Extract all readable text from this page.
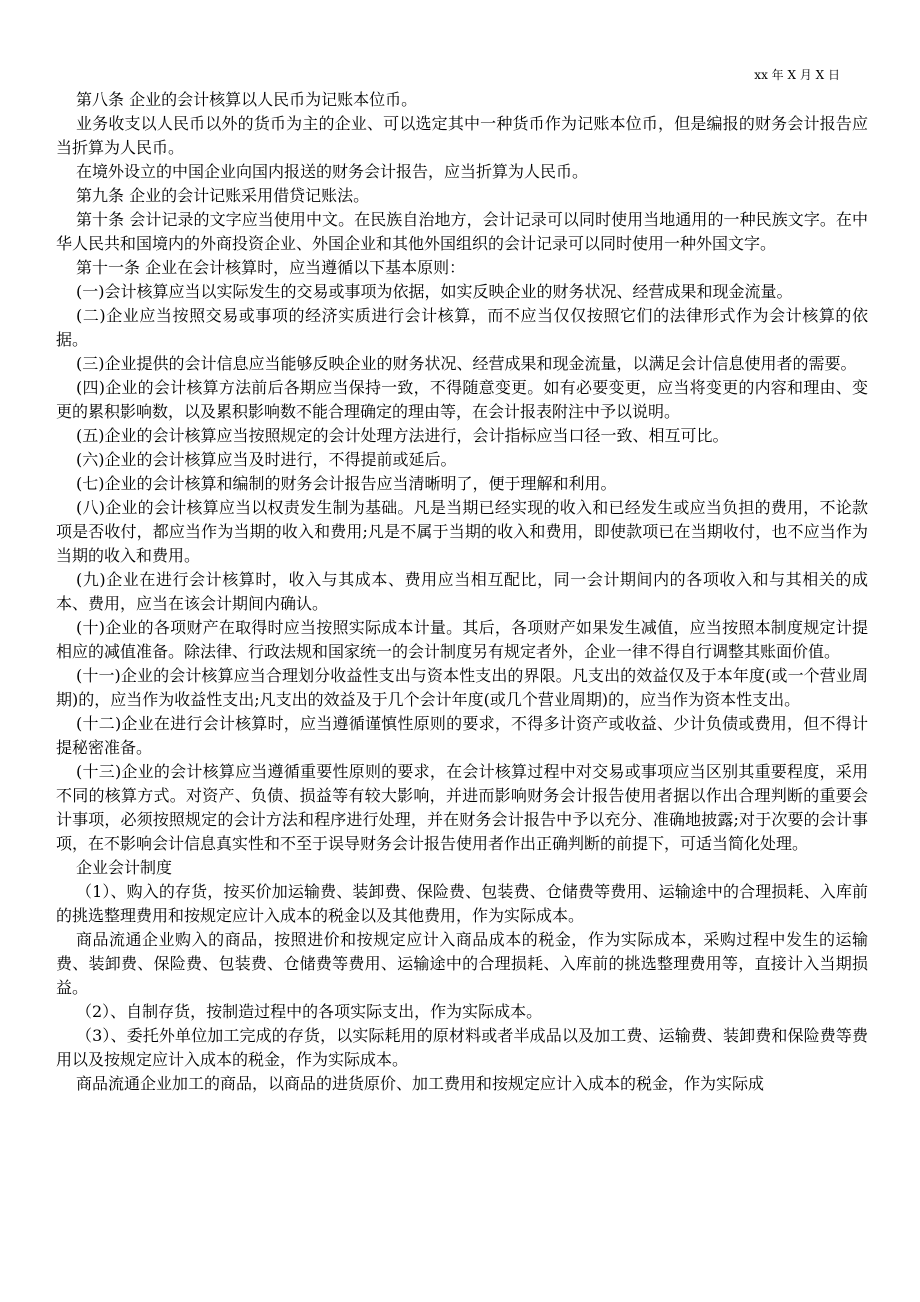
xx 年 X 月 X 日

第八条 企业的会计核算以人民币为记账本位币。

业务收支以人民币以外的货币为主的企业、可以选定其中一种货币作为记账本位币，但是编报的财务会计报告应当折算为人民币。

在境外设立的中国企业向国内报送的财务会计报告，应当折算为人民币。

第九条 企业的会计记账采用借贷记账法。

第十条 会计记录的文字应当使用中文。在民族自治地方，会计记录可以同时使用当地通用的一种民族文字。在中华人民共和国境内的外商投资企业、外国企业和其他外国组织的会计记录可以同时使用一种外国文字。

第十一条 企业在会计核算时，应当遵循以下基本原则：

(一)会计核算应当以实际发生的交易或事项为依据，如实反映企业的财务状况、经营成果和现金流量。

(二)企业应当按照交易或事项的经济实质进行会计核算，而不应当仅仅按照它们的法律形式作为会计核算的依据。

(三)企业提供的会计信息应当能够反映企业的财务状况、经营成果和现金流量，以满足会计信息使用者的需要。

(四)企业的会计核算方法前后各期应当保持一致，不得随意变更。如有必要变更，应当将变更的内容和理由、变更的累积影响数，以及累积影响数不能合理确定的理由等，在会计报表附注中予以说明。

(五)企业的会计核算应当按照规定的会计处理方法进行，会计指标应当口径一致、相互可比。

(六)企业的会计核算应当及时进行，不得提前或延后。

(七)企业的会计核算和编制的财务会计报告应当清晰明了，便于理解和利用。

(八)企业的会计核算应当以权责发生制为基础。凡是当期已经实现的收入和已经发生或应当负担的费用，不论款项是否收付，都应当作为当期的收入和费用;凡是不属于当期的收入和费用，即使款项已在当期收付，也不应当作为当期的收入和费用。

(九)企业在进行会计核算时，收入与其成本、费用应当相互配比，同一会计期间内的各项收入和与其相关的成本、费用，应当在该会计期间内确认。

(十)企业的各项财产在取得时应当按照实际成本计量。其后，各项财产如果发生减值，应当按照本制度规定计提相应的减值准备。除法律、行政法规和国家统一的会计制度另有规定者外，企业一律不得自行调整其账面价值。

(十一)企业的会计核算应当合理划分收益性支出与资本性支出的界限。凡支出的效益仅及于本年度(或一个营业周期)的，应当作为收益性支出;凡支出的效益及于几个会计年度(或几个营业周期)的，应当作为资本性支出。

(十二)企业在进行会计核算时，应当遵循谨慎性原则的要求，不得多计资产或收益、少计负债或费用，但不得计提秘密准备。

(十三)企业的会计核算应当遵循重要性原则的要求，在会计核算过程中对交易或事项应当区别其重要程度，采用不同的核算方式。对资产、负债、损益等有较大影响，并进而影响财务会计报告使用者据以作出合理判断的重要会计事项，必须按照规定的会计方法和程序进行处理，并在财务会计报告中予以充分、准确地披露;对于次要的会计事项，在不影响会计信息真实性和不至于误导财务会计报告使用者作出正确判断的前提下，可适当简化处理。

企业会计制度

（1）、购入的存货，按买价加运输费、装卸费、保险费、包装费、仓储费等费用、运输途中的合理损耗、入库前的挑选整理费用和按规定应计入成本的税金以及其他费用，作为实际成本。

商品流通企业购入的商品，按照进价和按规定应计入商品成本的税金，作为实际成本，采购过程中发生的运输费、装卸费、保险费、包装费、仓储费等费用、运输途中的合理损耗、入库前的挑选整理费用等，直接计入当期损益。

（2）、自制存货，按制造过程中的各项实际支出，作为实际成本。

（3）、委托外单位加工完成的存货，以实际耗用的原材料或者半成品以及加工费、运输费、装卸费和保险费等费用以及按规定应计入成本的税金，作为实际成本。

商品流通企业加工的商品，以商品的进货原价、加工费用和按规定应计入成本的税金，作为实际成
